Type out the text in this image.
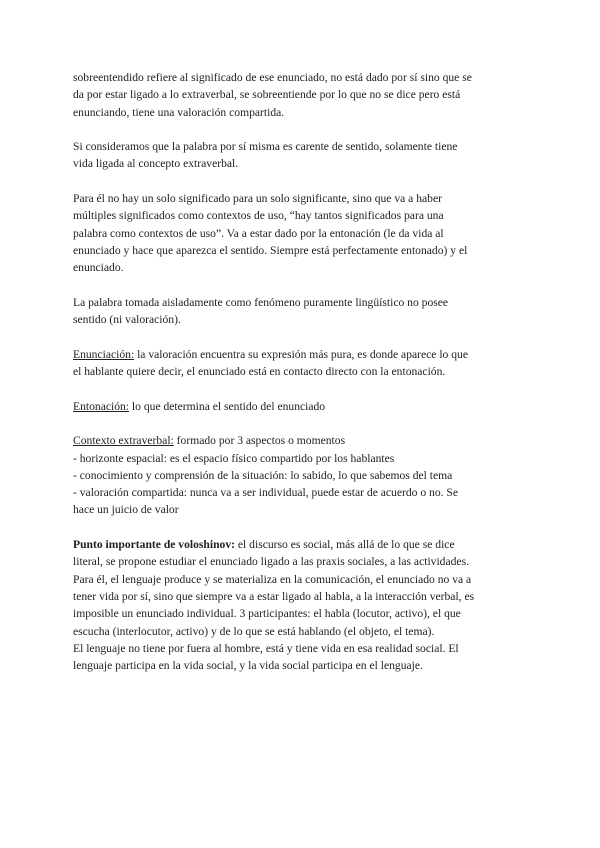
sobreentendido refiere al significado de ese enunciado, no está dado por sí sino que se
da por estar ligado a lo extraverbal, se sobreentiende por lo que no se dice pero está
enunciando, tiene una valoración compartida.

Si consideramos que la palabra por sí misma es carente de sentido, solamente tiene
vida ligada al concepto extraverbal.

Para él no hay un solo significado para un solo significante, sino que va a haber
múltiples significados como contextos de uso, “hay tantos significados para una
palabra como contextos de uso”. Va a estar dado por la entonación (le da vida al
enunciado y hace que aparezca el sentido. Siempre está perfectamente entonado) y el
enunciado.

La palabra tomada aisladamente como fenómeno puramente lingüístico no posee
sentido (ni valoración).

Enunciación: la valoración encuentra su expresión más pura, es donde aparece lo que
el hablante quiere decir, el enunciado está en contacto directo con la entonación.

Entonación: lo que determina el sentido del enunciado

Contexto extraverbal: formado por 3 aspectos o momentos
- horizonte espacial: es el espacio físico compartido por los hablantes
- conocimiento y comprensión de la situación: lo sabido, lo que sabemos del tema
- valoración compartida: nunca va a ser individual, puede estar de acuerdo o no. Se
hace un juicio de valor

Punto importante de voloshinov: el discurso es social, más allá de lo que se dice
literal, se propone estudiar el enunciado ligado a las praxis sociales, a las actividades.
Para él, el lenguaje produce y se materializa en la comunicación, el enunciado no va a
tener vida por sí, sino que siempre va a estar ligado al habla, a la interacción verbal, es
imposible un enunciado individual. 3 participantes: el habla (locutor, activo), el que
escucha (interlocutor, activo) y de lo que se está hablando (el objeto, el tema).
El lenguaje no tiene por fuera al hombre, está y tiene vida en esa realidad social. El
lenguaje participa en la vida social, y la vida social participa en el lenguaje.
